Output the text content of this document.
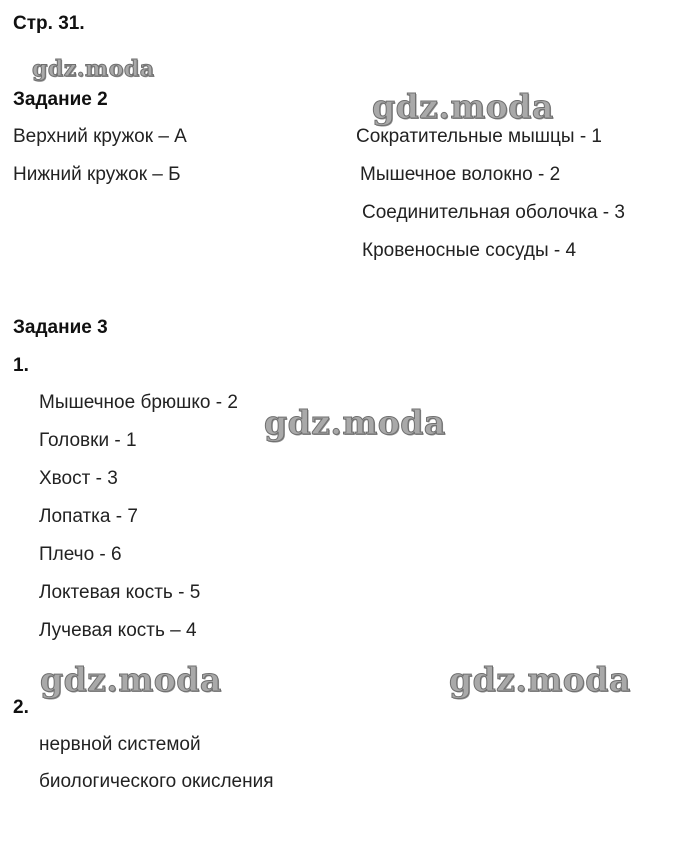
Стр. 31.
gdz.moda
gdz.moda
gdz.moda
gdz.moda	gdz.moda
Задание 2
Верхний кружок – А
Нижний кружок – Б
Сократительные мышцы - 1
Мышечное волокно - 2
Соединительная оболочка - 3
Кровеносные сосуды - 4
Задание 3
1.
Мышечное брюшко - 2
Головки - 1
Хвост - 3
Лопатка - 7
Плечо - 6
Локтевая кость - 5
Лучевая кость – 4
2.
нервной системой
биологического окисления
